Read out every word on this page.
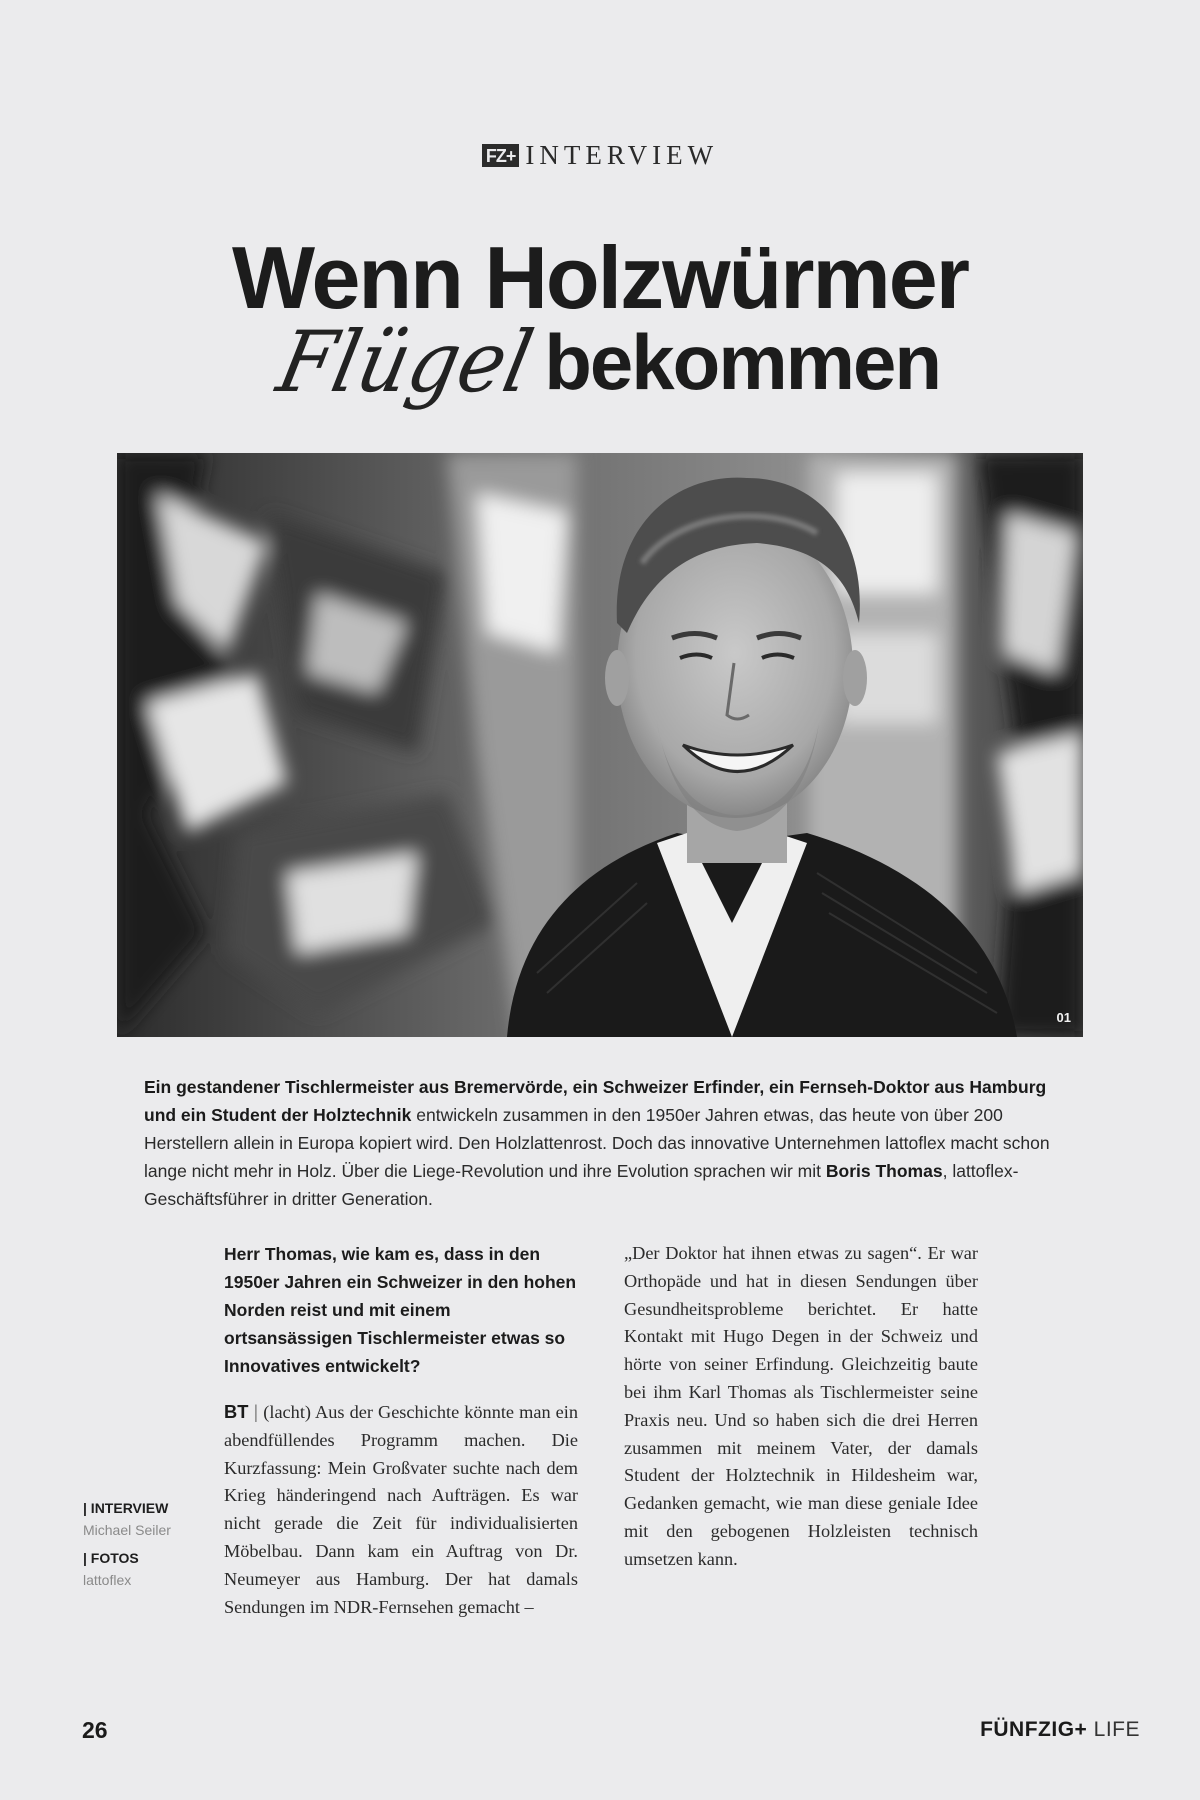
FZ+ INTERVIEW
Wenn Holzwürmer
Flügel bekommen
01
Ein gestandener Tischlermeister aus Bremervörde, ein Schweizer Erfinder, ein Fernseh-Doktor aus Hamburg und ein Student der Holztechnik entwickeln zusammen in den 1950er Jahren etwas, das heute von über 200 Herstellern allein in Europa kopiert wird. Den Holzlattenrost. Doch das innovative Unternehmen lattoflex macht schon lange nicht mehr in Holz. Über die Liege-Revolution und ihre Evolution sprachen wir mit Boris Thomas, lattoflex-Geschäftsführer in dritter Generation.
| INTERVIEW
Michael Seiler
| FOTOS
lattoflex
Herr Thomas, wie kam es, dass in den 1950er Jahren ein Schweizer in den hohen Norden reist und mit einem ortsansässigen Tischlermeister etwas so Innovatives entwickelt?
BT | (lacht) Aus der Geschichte könnte man ein abendfüllendes Programm machen. Die Kurzfassung: Mein Großvater suchte nach dem Krieg händeringend nach Aufträgen. Es war nicht gerade die Zeit für individualisierten Möbelbau. Dann kam ein Auftrag von Dr. Neumeyer aus Hamburg. Der hat damals Sendungen im NDR-Fernsehen gemacht –
„Der Doktor hat ihnen etwas zu sagen“. Er war Orthopäde und hat in diesen Sendungen über Gesundheitsprobleme berichtet. Er hatte Kontakt mit Hugo Degen in der Schweiz und hörte von seiner Erfindung. Gleichzeitig baute bei ihm Karl Thomas als Tischlermeister seine Praxis neu. Und so haben sich die drei Herren zusammen mit meinem Vater, der damals Student der Holztechnik in Hildesheim war, Gedanken gemacht, wie man diese geniale Idee mit den gebogenen Holzleisten technisch umsetzen kann.
26	FÜNFZIG+ LIFE
